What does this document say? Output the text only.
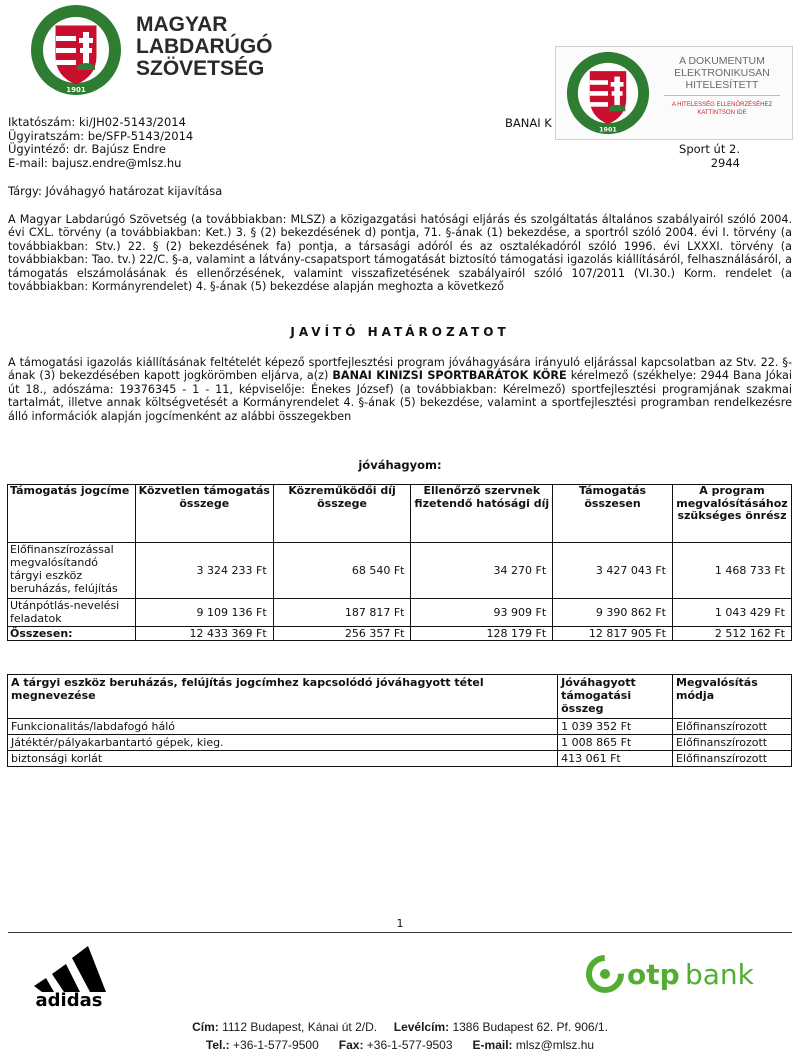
1901
MAGYAR
LABDARÚGÓ
SZÖVETSÉG
1901
A DOKUMENTUM
ELEKTRONIKUSAN
HITELESÍTETT
A HITELESSÉG ELLENŐRZÉSÉHEZ
KATTINTSON IDE
Iktatószám: ki/JH02-5143/2014
Ügyiratszám: be/SFP-5143/2014
Ügyintéző: dr. Bajúsz Endre
E-mail: bajusz.endre@mlsz.hu
BANAI K
Sport út 2.
2944
Tárgy: Jóváhagyó határozat kijavítása
A Magyar Labdarúgó Szövetség (a továbbiakban: MLSZ) a közigazgatási hatósági eljárás és szolgáltatás általános szabályairól szóló 2004. évi CXL. törvény (a továbbiakban: Ket.) 3. § (2) bekezdésének d) pontja, 71. §-ának (1) bekezdése, a sportról szóló 2004. évi I. törvény (a továbbiakban: Stv.) 22. § (2) bekezdésének fa) pontja, a társasági adóról és az osztalékadóról szóló 1996. évi LXXXI. törvény (a továbbiakban: Tao. tv.) 22/C. §-a, valamint a látvány-csapatsport támogatását biztosító támogatási igazolás kiállításáról, felhasználásáról, a támogatás elszámolásának és ellenőrzésének, valamint visszafizetésének szabályairól szóló 107/2011 (VI.30.) Korm. rendelet (a továbbiakban: Kormányrendelet) 4. §-ának (5) bekezdése alapján meghozta a következő
JAVÍTÓ HATÁROZATOT
A támogatási igazolás kiállításának feltételét képező sportfejlesztési program jóváhagyására irányuló eljárással kapcsolatban az Stv. 22. §-ának (3) bekezdésében kapott jogkörömben eljárva, a(z) BANAI KINIZSI SPORTBARÁTOK KÖRE kérelmező (székhelye: 2944 Bana Jókai út 18., adószáma: 19376345 - 1 - 11, képviselője: Énekes József) (a továbbiakban: Kérelmező) sportfejlesztési programjának szakmai tartalmát, illetve annak költségvetését a Kormányrendelet 4. §-ának (5) bekezdése, valamint a sportfejlesztési programban rendelkezésre álló információk alapján jogcímenként az alábbi összegekben
jóváhagyom:
Támogatás jogcíme	Közvetlen támogatás összege	Közreműködői díj összege	Ellenőrző szervnek fizetendő hatósági díj	Támogatás összesen	A program megvalósításához szükséges önrész
Előfinanszírozással megvalósítandó tárgyi eszköz beruházás, felújítás	3 324 233 Ft	68 540 Ft	34 270 Ft	3 427 043 Ft	1 468 733 Ft
Utánpótlás-nevelési feladatok	9 109 136 Ft	187 817 Ft	93 909 Ft	9 390 862 Ft	1 043 429 Ft
Összesen:	12 433 369 Ft	256 357 Ft	128 179 Ft	12 817 905 Ft	2 512 162 Ft
A tárgyi eszköz beruházás, felújítás jogcímhez kapcsolódó jóváhagyott tétel megnevezése	Jóváhagyott támogatási összeg	Megvalósítás módja
Funkcionalitás/labdafogó háló	1 039 352 Ft	Előfinanszírozott
Játéktér/pályakarbantartó gépek, kieg.	1 008 865 Ft	Előfinanszírozott
biztonsági korlát	413 061 Ft	Előfinanszírozott
1
adidas
otp bank
Cím: 1112 Budapest, Kánai út 2/D. Levélcím: 1386 Budapest 62. Pf. 906/1.
Tel.: +36-1-577-9500 Fax: +36-1-577-9503 E-mail: mlsz@mlsz.hu
